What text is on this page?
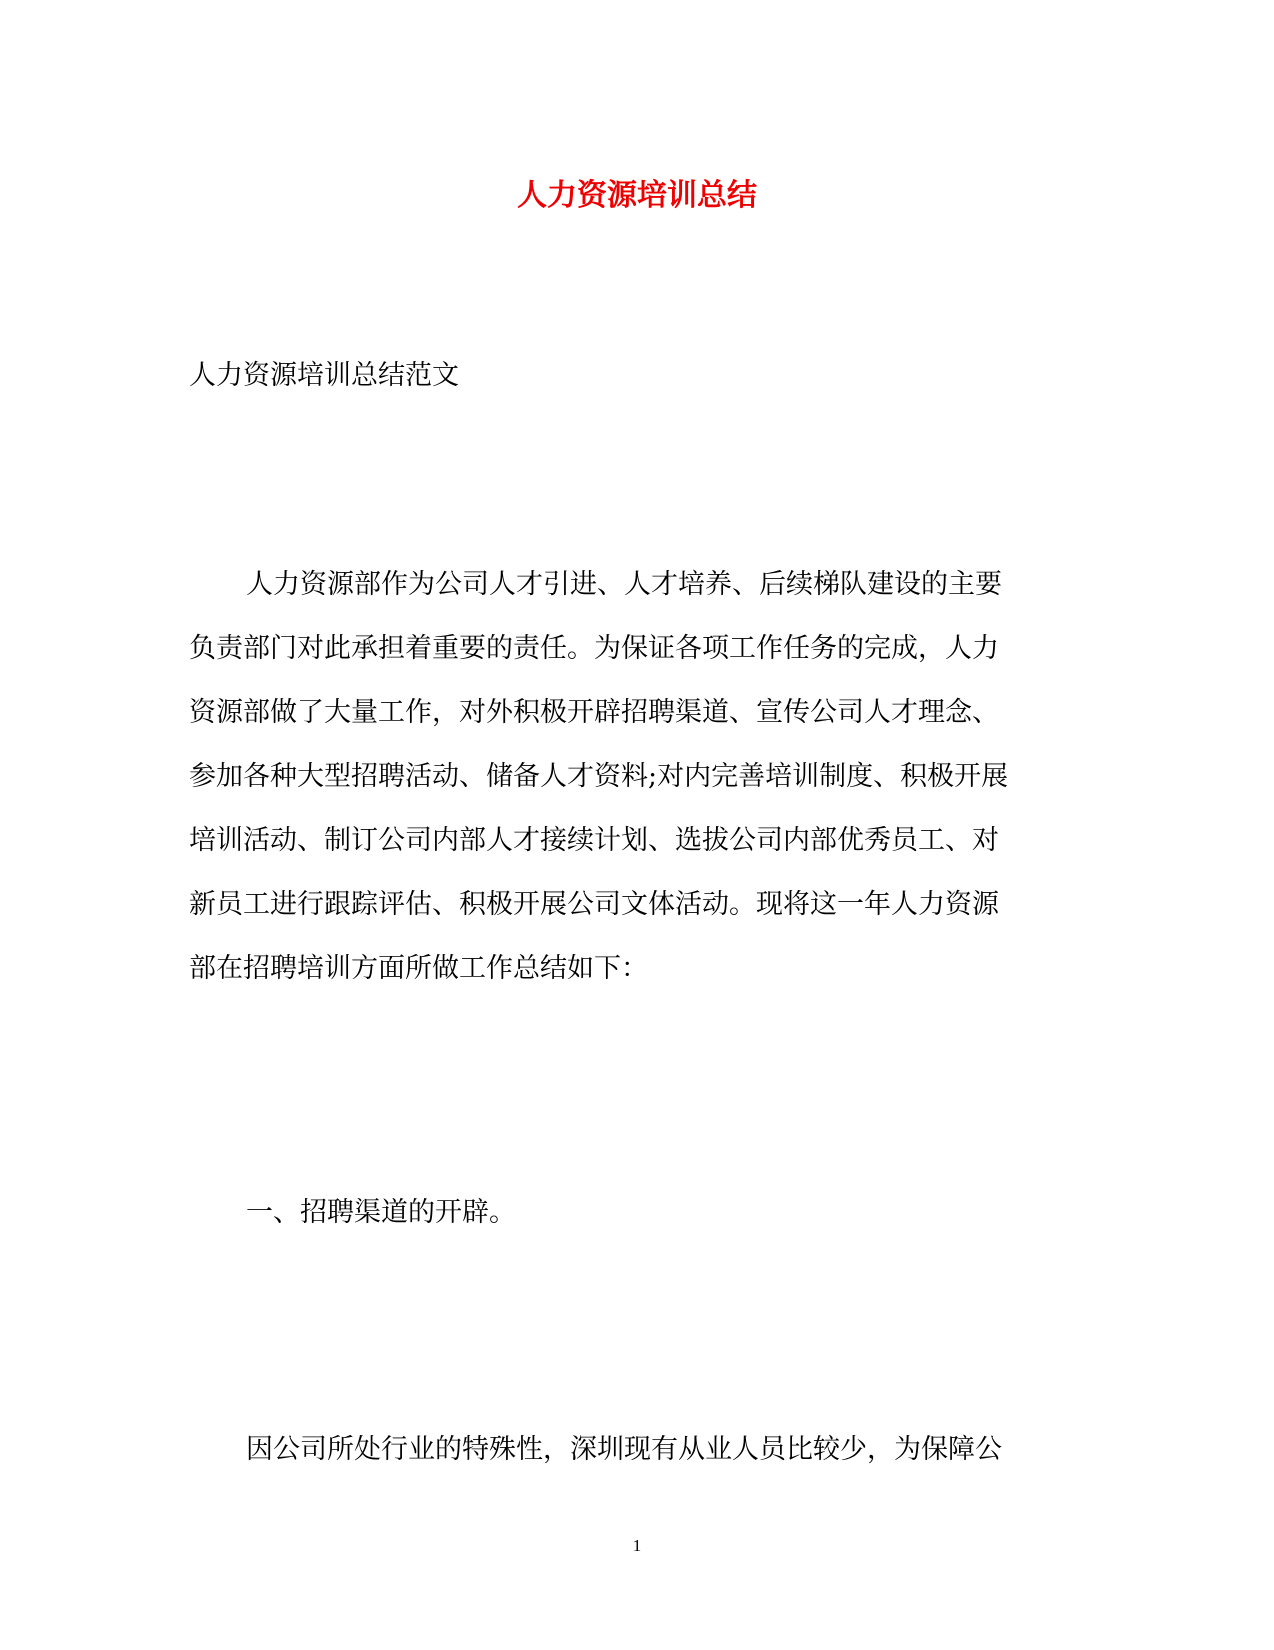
人力资源培训总结
人力资源培训总结范文
人力资源部作为公司人才引进、人才培养、后续梯队建设的主要
负责部门对此承担着重要的责任。为保证各项工作任务的完成，人力
资源部做了大量工作，对外积极开辟招聘渠道、宣传公司人才理念、
参加各种大型招聘活动、储备人才资料;对内完善培训制度、积极开展
培训活动、制订公司内部人才接续计划、选拔公司内部优秀员工、对
新员工进行跟踪评估、积极开展公司文体活动。现将这一年人力资源
部在招聘培训方面所做工作总结如下：
一、招聘渠道的开辟。
因公司所处行业的特殊性，深圳现有从业人员比较少，为保障公
1
